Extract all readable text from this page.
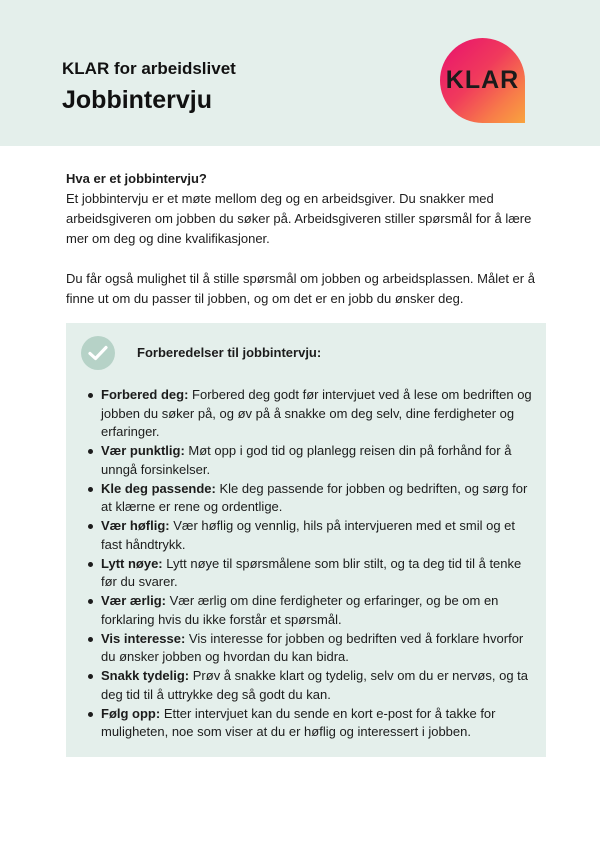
KLAR for arbeidslivet
Jobbintervju
KLAR
Hva er et jobbintervju?

Et jobbintervju er et møte mellom deg og en arbeidsgiver. Du snakker med arbeidsgiveren om jobben du søker på. Arbeidsgiveren stiller spørsmål for å lære mer om deg og dine kvalifikasjoner.

Du får også mulighet til å stille spørsmål om jobben og arbeidsplassen. Målet er å finne ut om du passer til jobben, og om det er en jobb du ønsker deg.

Forberedelser til jobbintervju:
Forbered deg: Forbered deg godt før intervjuet ved å lese om bedriften og jobben du søker på, og øv på å snakke om deg selv, dine ferdigheter og erfaringer.
Vær punktlig: Møt opp i god tid og planlegg reisen din på forhånd for å unngå forsinkelser.
Kle deg passende: Kle deg passende for jobben og bedriften, og sørg for at klærne er rene og ordentlige.
Vær høflig: Vær høflig og vennlig, hils på intervjueren med et smil og et fast håndtrykk.
Lytt nøye: Lytt nøye til spørsmålene som blir stilt, og ta deg tid til å tenke før du svarer.
Vær ærlig: Vær ærlig om dine ferdigheter og erfaringer, og be om en forklaring hvis du ikke forstår et spørsmål.
Vis interesse: Vis interesse for jobben og bedriften ved å forklare hvorfor du ønsker jobben og hvordan du kan bidra.
Snakk tydelig: Prøv å snakke klart og tydelig, selv om du er nervøs, og ta deg tid til å uttrykke deg så godt du kan.
Følg opp: Etter intervjuet kan du sende en kort e-post for å takke for muligheten, noe som viser at du er høflig og interessert i jobben.
